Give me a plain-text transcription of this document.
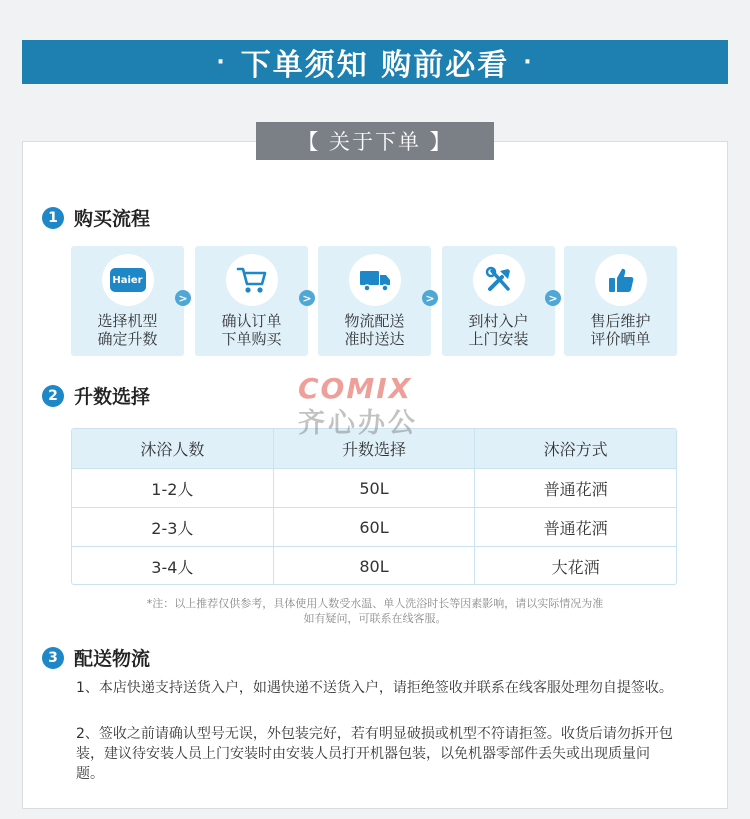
· 下单须知 购前必看 ·
【 关于下单 】
1 购买流程
Haier
选择机型
确定升数
>
确认订单
下单购买
>
物流配送
准时送达
>
到村入户
上门安装
>
售后维护
评价晒单
2 升数选择
沐浴人数	升数选择	沐浴方式
1-2人	50L	普通花洒
2-3人	60L	普通花洒
3-4人	80L	大花洒
COMIX
齐心办公
*注：以上推荐仅供参考，具体使用人数受水温、单人洗浴时长等因素影响，请以实际情况为准
如有疑问，可联系在线客服。
3 配送物流
1、本店快递支持送货入户，如遇快递不送货入户，请拒绝签收并联系在线客服处理勿自提签收。
2、签收之前请确认型号无误，外包装完好，若有明显破损或机型不符请拒签。收货后请勿拆开包装，建议待安装人员上门安装时由安装人员打开机器包装，以免机器零部件丢失或出现质量问题。
